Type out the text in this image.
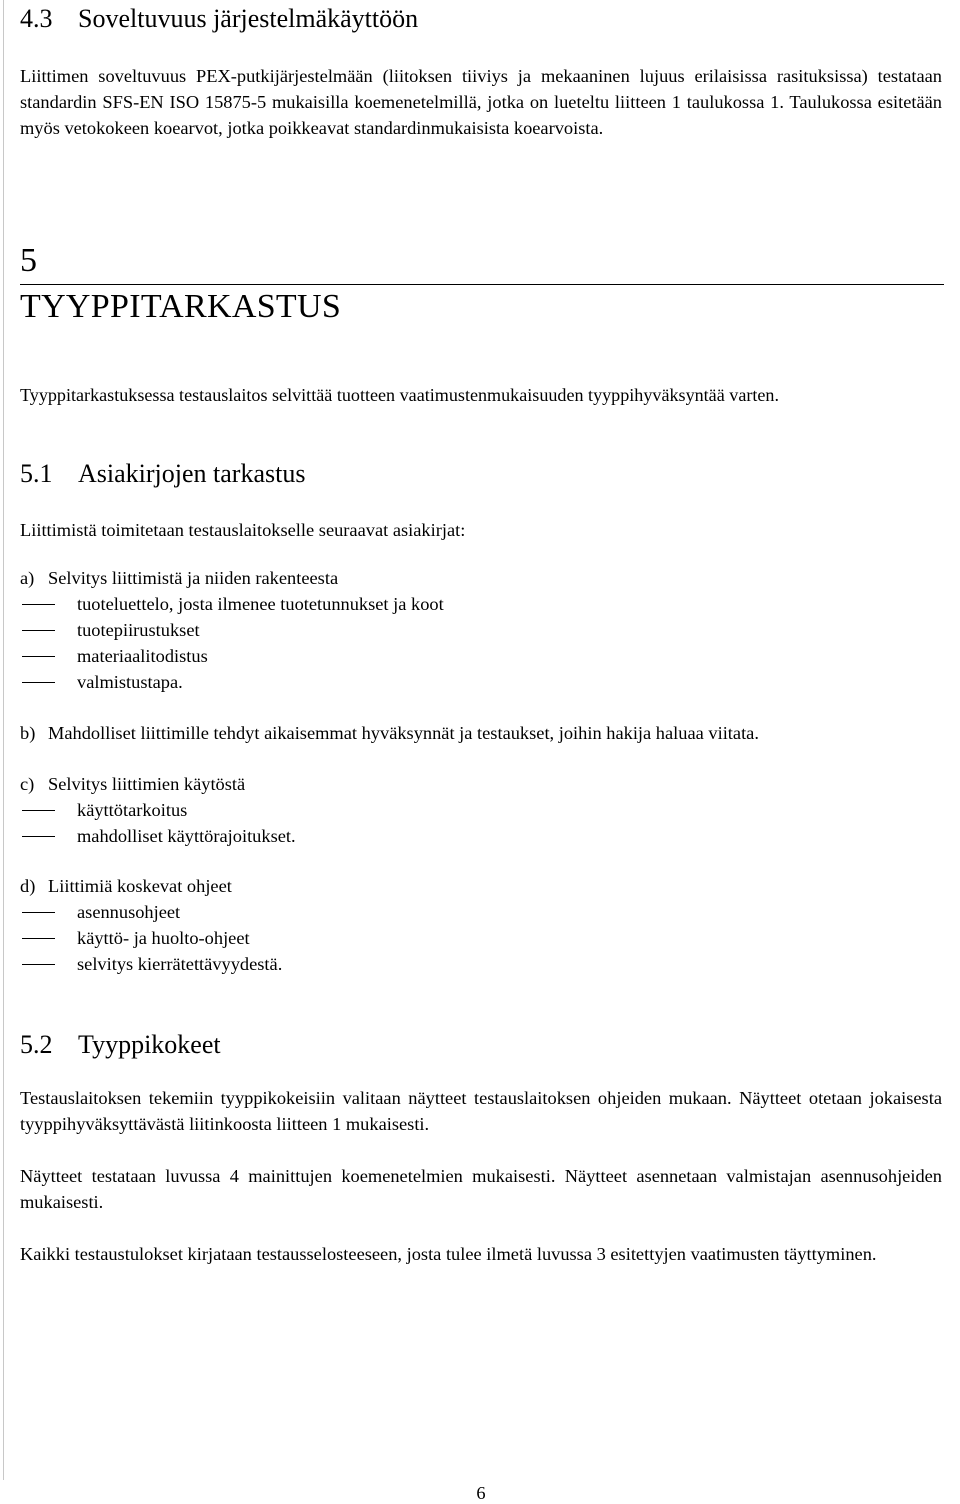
4.3 Soveltuvuus järjestelmäkäyttöön

Liittimen soveltuvuus PEX-putkijärjestelmään (liitoksen tiiviys ja mekaaninen lujuus erilaisissa rasituksissa) testataan standardin SFS-EN ISO 15875-5 mukaisilla koemenetelmillä, jotka on lueteltu liitteen 1 taulukossa 1. Taulukossa esitetään myös vetokokeen koearvot, jotka poikkeavat standardinmukaisista koearvoista.

5
TYYPPITARKASTUS

Tyyppitarkastuksessa testauslaitos selvittää tuotteen vaatimustenmukaisuuden tyyppihyväksyntää varten.

5.1 Asiakirjojen tarkastus

Liittimistä toimitetaan testauslaitokselle seuraavat asiakirjat:

a) Selvitys liittimistä ja niiden rakenteesta
tuoteluettelo, josta ilmenee tuotetunnukset ja koot
tuotepiirustukset
materiaalitodistus
valmistustapa.
b) Mahdolliset liittimille tehdyt aikaisemmat hyväksynnät ja testaukset, joihin hakija haluaa viitata.
c) Selvitys liittimien käytöstä
käyttötarkoitus
mahdolliset käyttörajoitukset.
d) Liittimiä koskevat ohjeet
asennusohjeet
käyttö- ja huolto-ohjeet
selvitys kierrätettävyydestä.
5.2 Tyyppikokeet

Testauslaitoksen tekemiin tyyppikokeisiin valitaan näytteet testauslaitoksen ohjeiden mukaan. Näytteet otetaan jokaisesta tyyppihyväksyttävästä liitinkoosta liitteen 1 mukaisesti.

Näytteet testataan luvussa 4 mainittujen koemenetelmien mukaisesti. Näytteet asennetaan valmistajan asennusohjeiden mukaisesti.

Kaikki testaustulokset kirjataan testausselosteeseen, josta tulee ilmetä luvussa 3 esitettyjen vaatimusten täyttyminen.

6
